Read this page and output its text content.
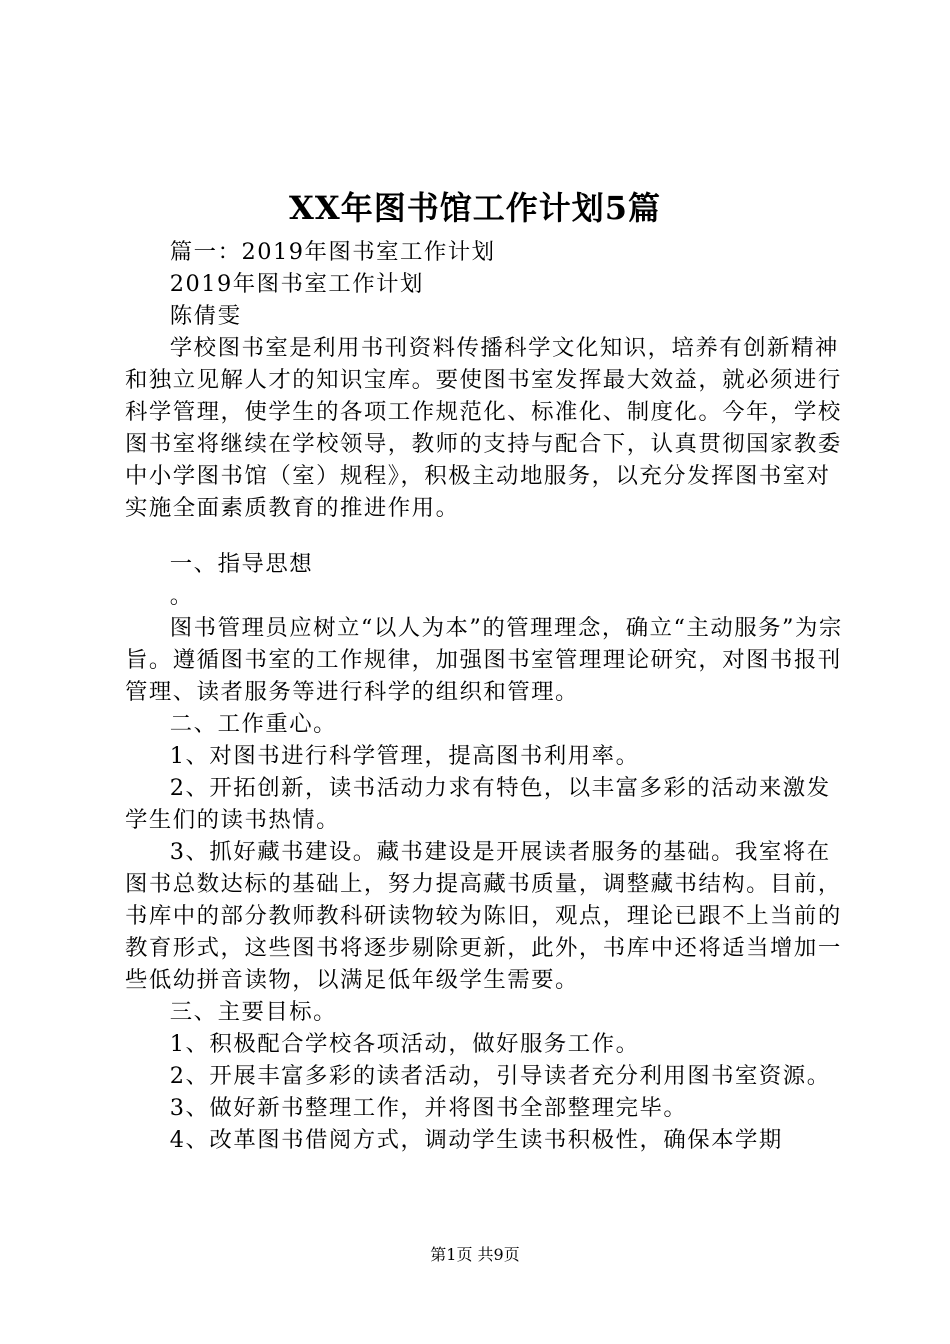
XX年图书馆工作计划5篇

篇一：2019年图书室工作计划

2019年图书室工作计划

陈倩雯

学校图书室是利用书刊资料传播科学文化知识，培养有创新精神和独立见解人才的知识宝库。要使图书室发挥最大效益，就必须进行科学管理，使学生的各项工作规范化、标准化、制度化。今年，学校图书室将继续在学校领导，教师的支持与配合下，认真贯彻国家教委中小学图书馆（室）规程》，积极主动地服务，以充分发挥图书室对实施全面素质教育的推进作用。

一、指导思想

。

图书管理员应树立“以人为本”的管理理念，确立“主动服务”为宗旨。遵循图书室的工作规律，加强图书室管理理论研究，对图书报刊管理、读者服务等进行科学的组织和管理。

二、工作重心。

1、对图书进行科学管理，提高图书利用率。

2、开拓创新，读书活动力求有特色，以丰富多彩的活动来激发学生们的读书热情。

3、抓好藏书建设。藏书建设是开展读者服务的基础。我室将在图书总数达标的基础上，努力提高藏书质量，调整藏书结构。目前，书库中的部分教师教科研读物较为陈旧，观点，理论已跟不上当前的教育形式，这些图书将逐步剔除更新，此外，书库中还将适当增加一些低幼拼音读物，以满足低年级学生需要。

三、主要目标。

1、积极配合学校各项活动，做好服务工作。

2、开展丰富多彩的读者活动，引导读者充分利用图书室资源。

3、做好新书整理工作，并将图书全部整理完毕。

4、改革图书借阅方式，调动学生读书积极性，确保本学期

第1页 共9页
